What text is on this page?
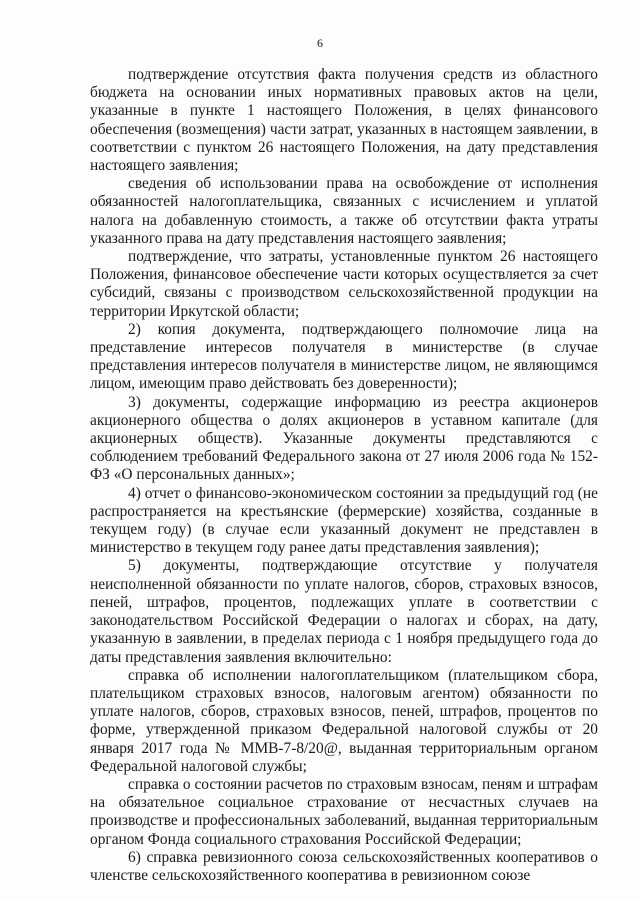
6

подтверждение отсутствия факта получения средств из областного бюджета на основании иных нормативных правовых актов на цели, указанные в пункте 1 настоящего Положения, в целях финансового обеспечения (возмещения) части затрат, указанных в настоящем заявлении, в соответствии с пунктом 26 настоящего Положения, на дату представления настоящего заявления;

сведения об использовании права на освобождение от исполнения обязанностей налогоплательщика, связанных с исчислением и уплатой налога на добавленную стоимость, а также об отсутствии факта утраты указанного права на дату представления настоящего заявления;

подтверждение, что затраты, установленные пунктом 26 настоящего Положения, финансовое обеспечение части которых осуществляется за счет субсидий, связаны с производством сельскохозяйственной продукции на территории Иркутской области;

2) копия документа, подтверждающего полномочие лица на представление интересов получателя в министерстве (в случае представления интересов получателя в министерстве лицом, не являющимся лицом, имеющим право действовать без доверенности);

3) документы, содержащие информацию из реестра акционеров акционерного общества о долях акционеров в уставном капитале (для акционерных обществ). Указанные документы представляются с соблюдением требований Федерального закона от 27 июля 2006 года № 152-ФЗ «О персональных данных»;

4) отчет о финансово-экономическом состоянии за предыдущий год (не распространяется на крестьянские (фермерские) хозяйства, созданные в текущем году) (в случае если указанный документ не представлен в министерство в текущем году ранее даты представления заявления);

5) документы, подтверждающие отсутствие у получателя неисполненной обязанности по уплате налогов, сборов, страховых взносов, пеней, штрафов, процентов, подлежащих уплате в соответствии с законодательством Российской Федерации о налогах и сборах, на дату, указанную в заявлении, в пределах периода с 1 ноября предыдущего года до даты представления заявления включительно:

справка об исполнении налогоплательщиком (плательщиком сбора, плательщиком страховых взносов, налоговым агентом) обязанности по уплате налогов, сборов, страховых взносов, пеней, штрафов, процентов по форме, утвержденной приказом Федеральной налоговой службы от 20 января 2017 года № ММВ-7-8/20@, выданная территориальным органом Федеральной налоговой службы;

справка о состоянии расчетов по страховым взносам, пеням и штрафам на обязательное социальное страхование от несчастных случаев на производстве и профессиональных заболеваний, выданная территориальным органом Фонда социального страхования Российской Федерации;

6) справка ревизионного союза сельскохозяйственных кооперативов о членстве сельскохозяйственного кооператива в ревизионном союзе
